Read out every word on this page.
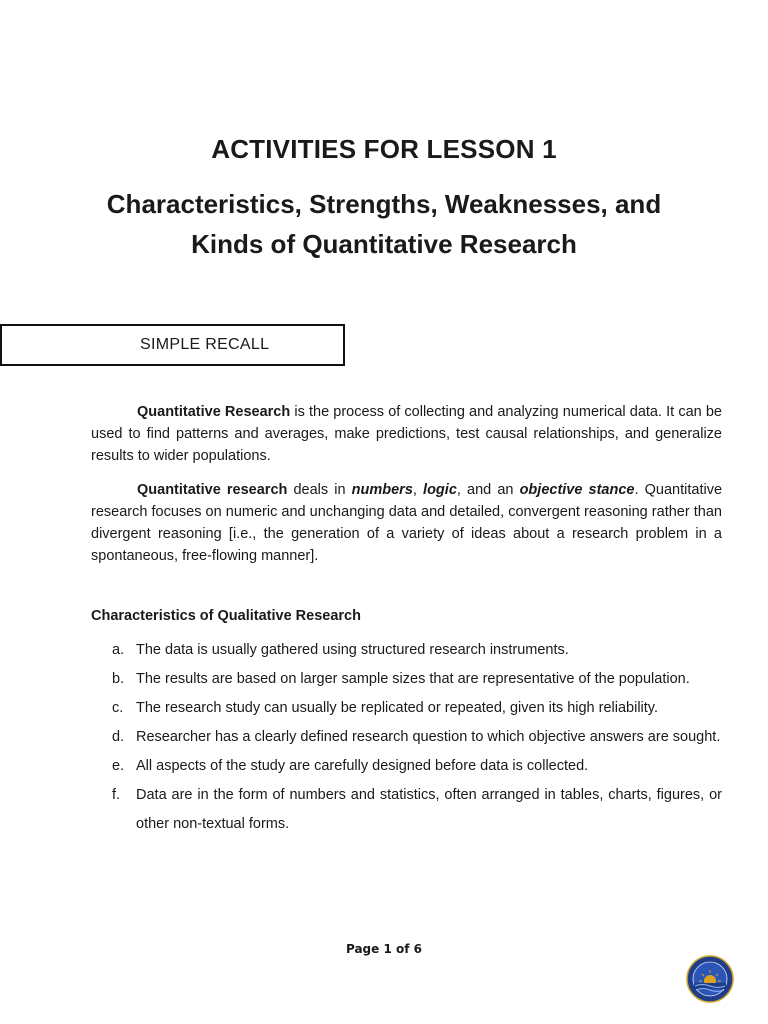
ACTIVITIES FOR LESSON 1
Characteristics, Strengths, Weaknesses, and
Kinds of Quantitative Research
SIMPLE RECALL

Quantitative Research is the process of collecting and analyzing numerical data. It can be used to find patterns and averages, make predictions, test causal relationships, and generalize results to wider populations.

Quantitative research deals in numbers, logic, and an objective stance. Quantitative research focuses on numeric and unchanging data and detailed, convergent reasoning rather than divergent reasoning [i.e., the generation of a variety of ideas about a research problem in a spontaneous, free-flowing manner].

Characteristics of Qualitative Research
a. The data is usually gathered using structured research instruments.
b. The results are based on larger sample sizes that are representative of the population.
c. The research study can usually be replicated or repeated, given its high reliability.
d. Researcher has a clearly defined research question to which objective answers are sought.
e. All aspects of the study are carefully designed before data is collected.
f.	Data are in the form of numbers and statistics, often arranged in tables, charts, figures, or other non-textual forms.

Page 1 of 6
